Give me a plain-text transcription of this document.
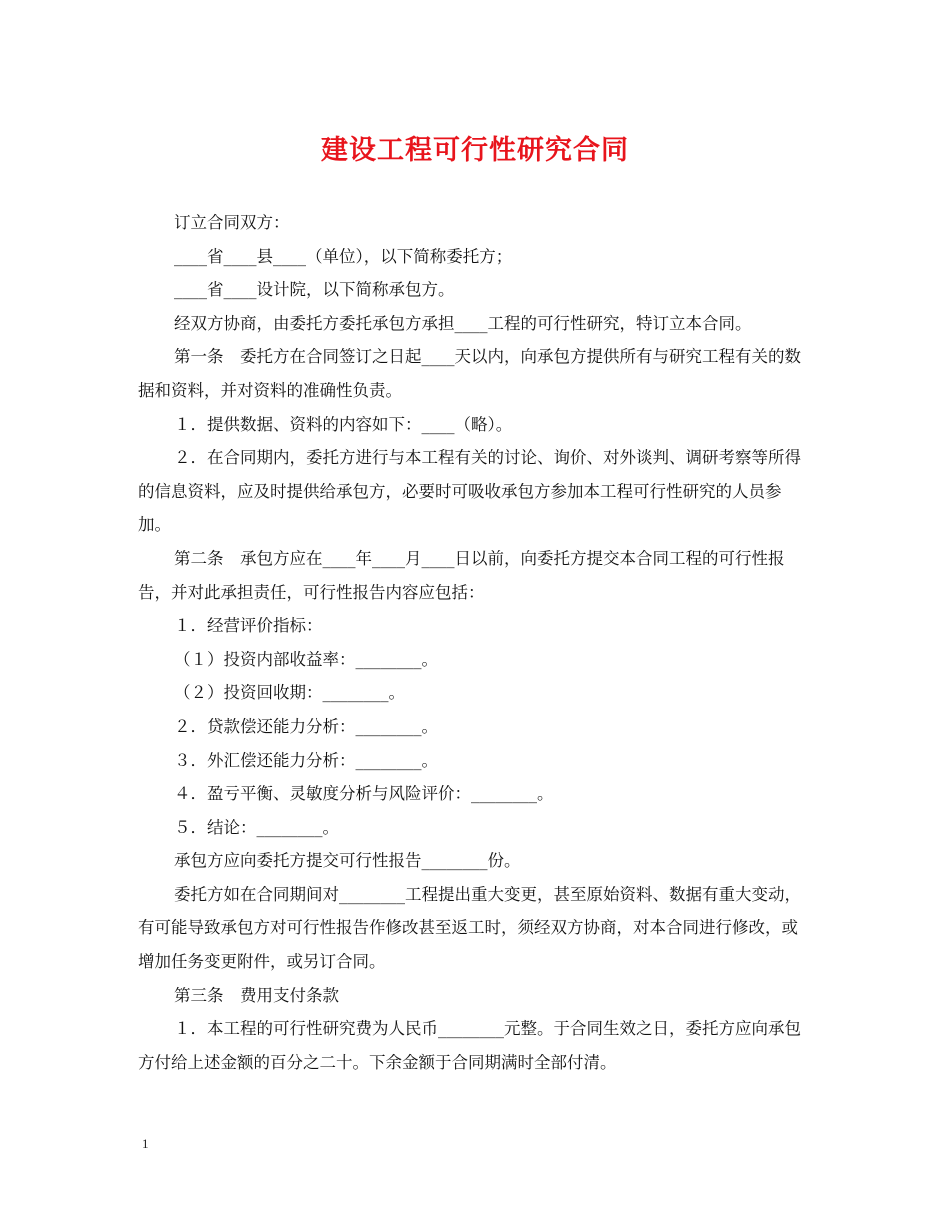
建设工程可行性研究合同

订立合同双方：

____省____县____（单位），以下简称委托方；

____省____设计院，以下简称承包方。

经双方协商，由委托方委托承包方承担____工程的可行性研究，特订立本合同。

第一条　委托方在合同签订之日起____天以内，向承包方提供所有与研究工程有关的数据和资料，并对资料的准确性负责。

１．提供数据、资料的内容如下：____（略）。

２．在合同期内，委托方进行与本工程有关的讨论、询价、对外谈判、调研考察等所得的信息资料，应及时提供给承包方，必要时可吸收承包方参加本工程可行性研究的人员参加。

第二条　承包方应在____年____月____日以前，向委托方提交本合同工程的可行性报告，并对此承担责任，可行性报告内容应包括：

１．经营评价指标：

（１）投资内部收益率：________。

（２）投资回收期：________。

２．贷款偿还能力分析：________。

３．外汇偿还能力分析：________。

４．盈亏平衡、灵敏度分析与风险评价：________。

５．结论：________。

承包方应向委托方提交可行性报告________份。

委托方如在合同期间对________工程提出重大变更，甚至原始资料、数据有重大变动，有可能导致承包方对可行性报告作修改甚至返工时，须经双方协商，对本合同进行修改，或增加任务变更附件，或另订合同。

第三条　费用支付条款

１．本工程的可行性研究费为人民币________元整。于合同生效之日，委托方应向承包方付给上述金额的百分之二十。下余金额于合同期满时全部付清。

1
